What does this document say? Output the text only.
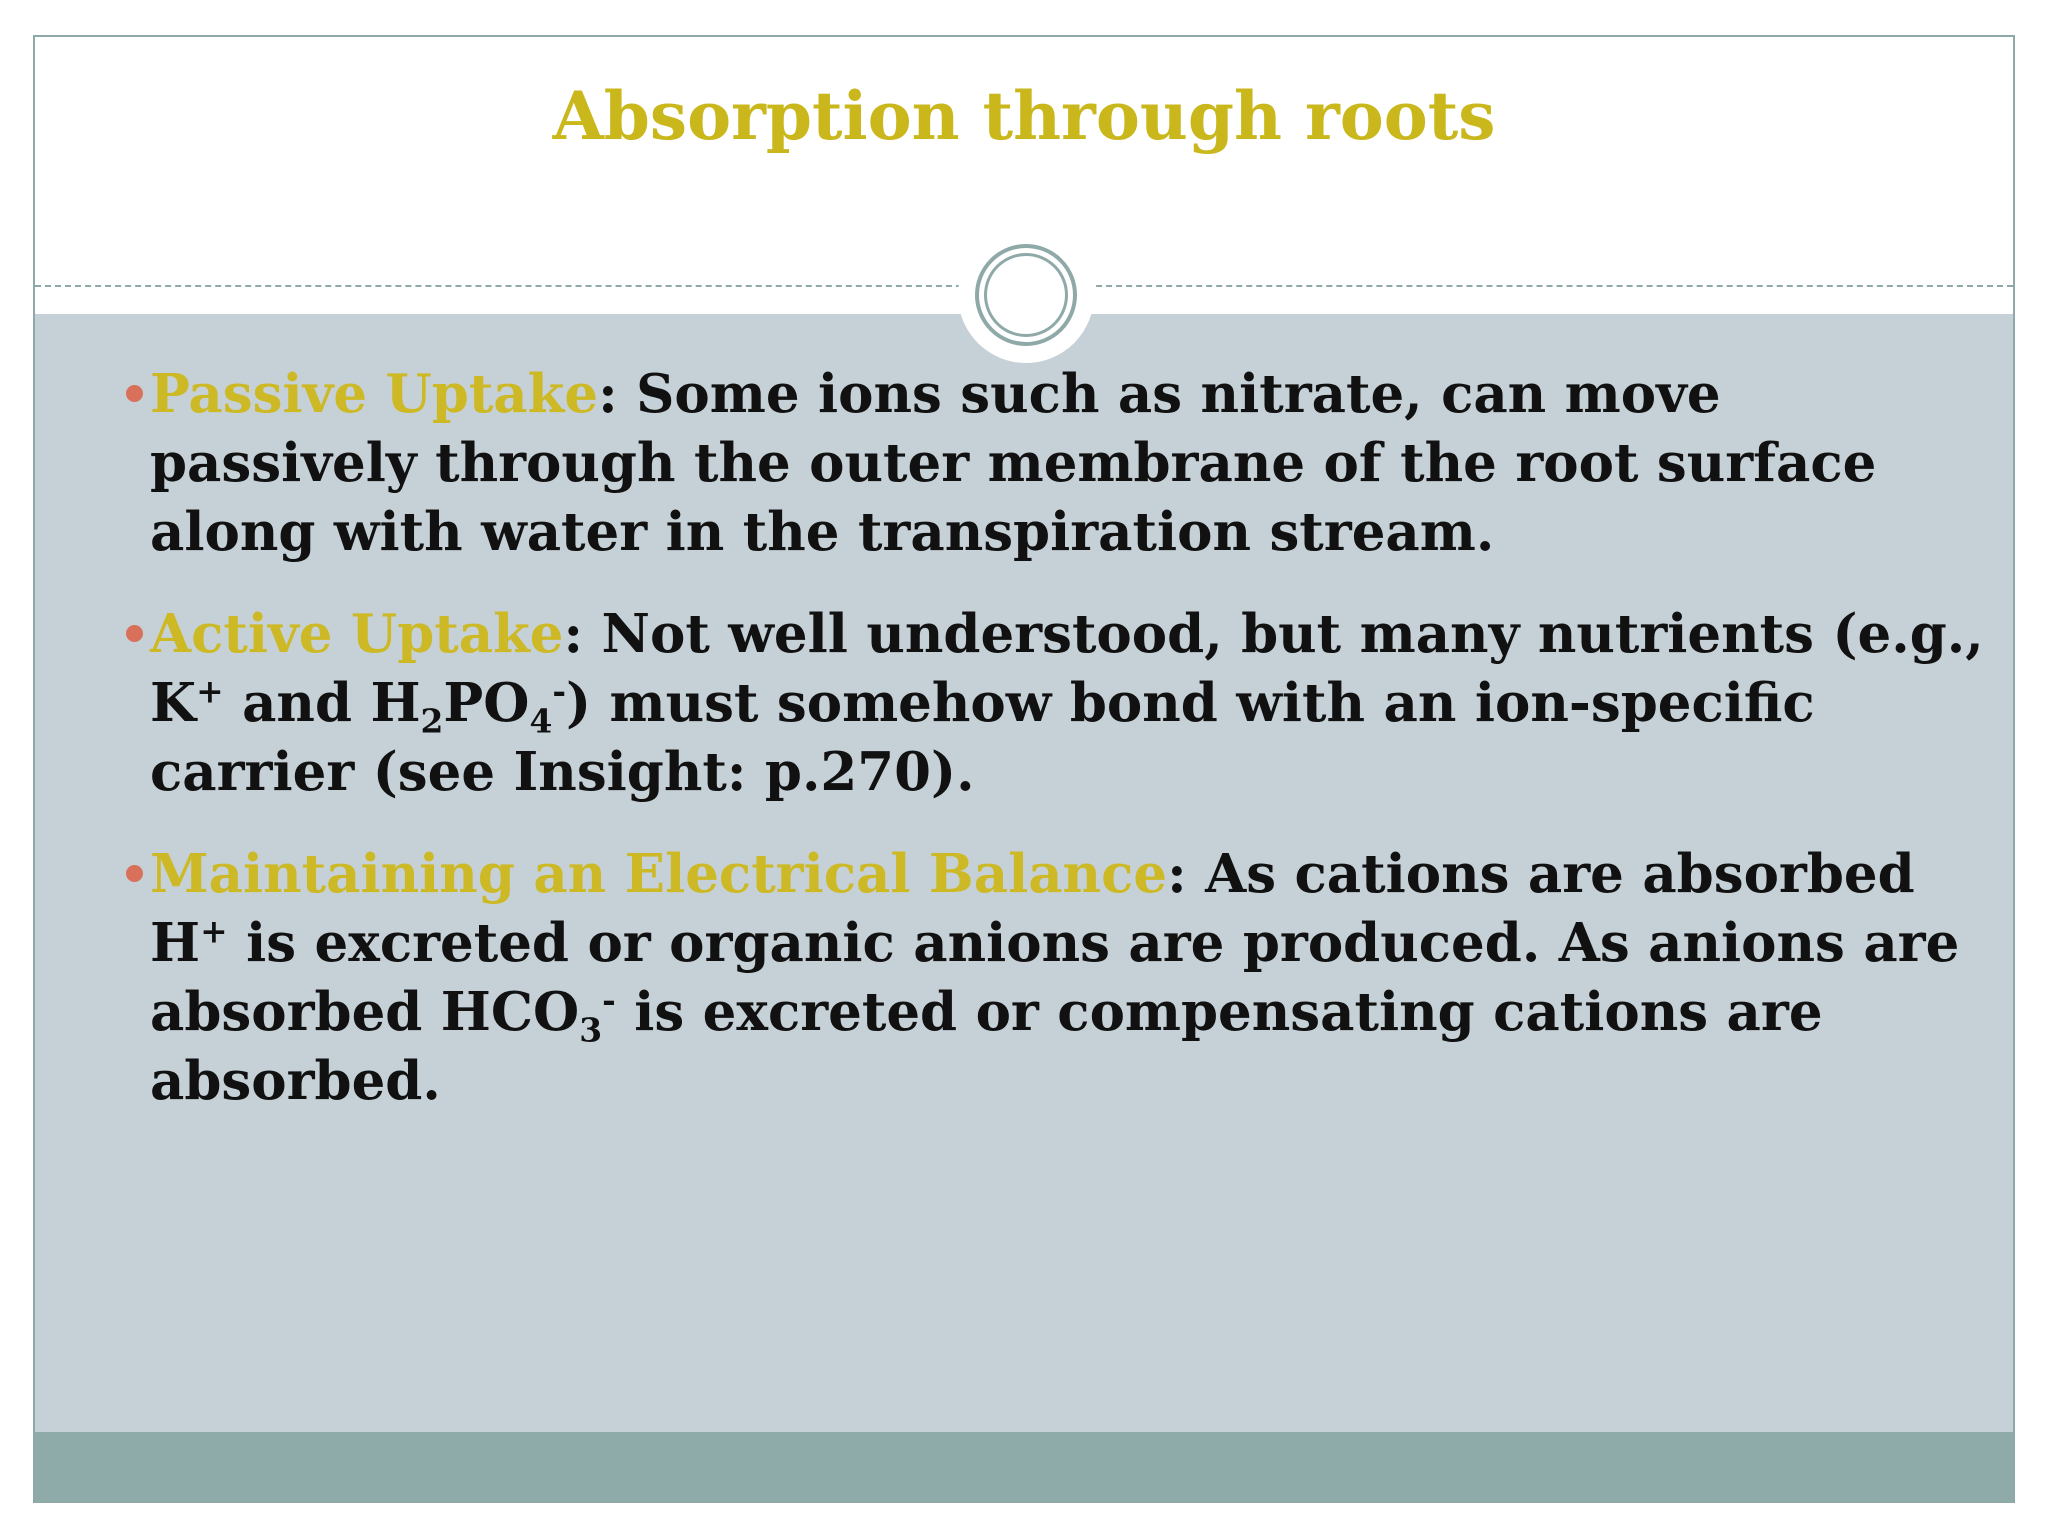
Absorption through roots
Passive Uptake: Some ions such as nitrate, can move passively through the outer membrane of the root surface along with water in the transpiration stream.
Active Uptake: Not well understood, but many nutrients (e.g., K+ and $H_2PO_4^-$) must somehow bond with an ion-specific carrier (see Insight: p.270).
Maintaining an Electrical Balance: As cations are absorbed H+ is excreted or organic anions are produced. As anions are absorbed $HCO_3^-$ is excreted or compensating cations are absorbed.
